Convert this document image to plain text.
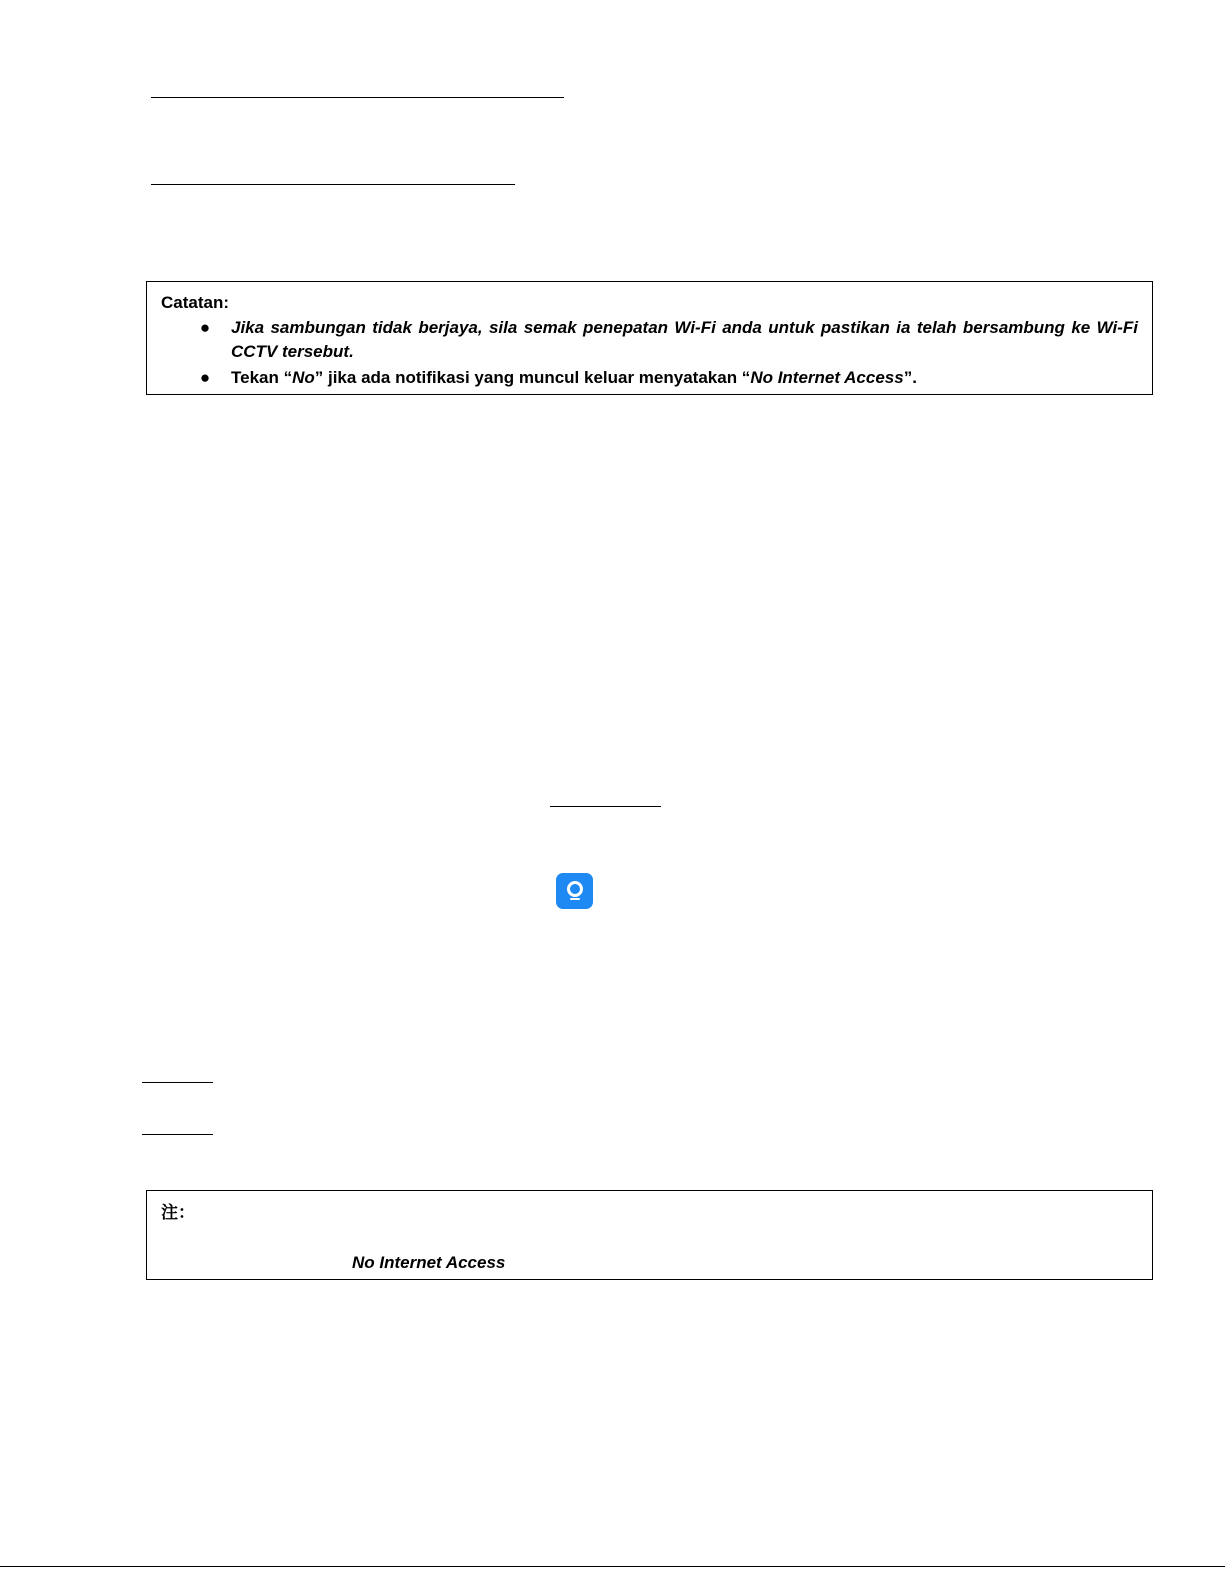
Catatan:
● Jika sambungan tidak berjaya, sila semak penepatan Wi-Fi anda untuk pastikan ia telah bersambung ke Wi-Fi CCTV tersebut.
● Tekan “No” jika ada notifikasi yang muncul keluar menyatakan “No Internet Access”.
注：
No Internet Access
